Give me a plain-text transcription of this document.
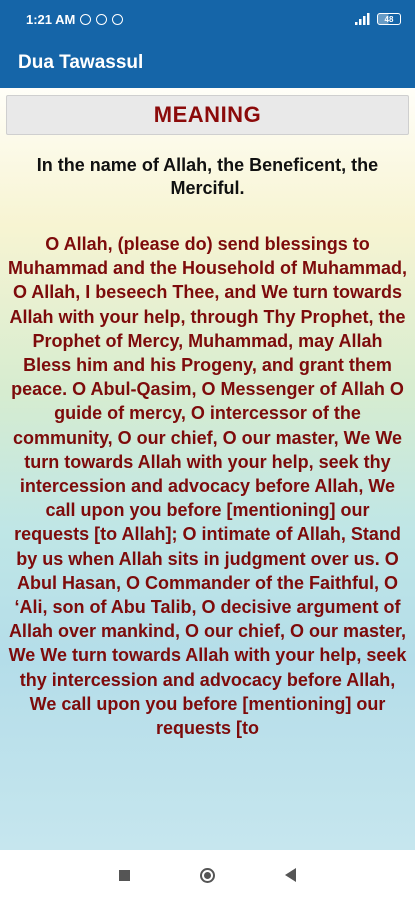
1:21 AM	48
Dua Tawassul
MEANING
In the name of Allah, the Beneficent, the Merciful.
O Allah, (please do) send blessings to Muhammad and the Household of Muhammad, O Allah, I beseech Thee, and We turn towards Allah with your help, through Thy Prophet, the Prophet of Mercy, Muhammad, may Allah Bless him and his Progeny, and grant them peace. O Abul-Qasim, O Messenger of Allah O guide of mercy, O intercessor of the community, O our chief, O our master, We We turn towards Allah with your help, seek thy intercession and advocacy before Allah, We call upon you before [mentioning] our requests [to Allah]; O intimate of Allah, Stand by us when Allah sits in judgment over us. O Abul Hasan, O Commander of the Faithful, O ‘Ali, son of Abu Talib, O decisive argument of Allah over mankind, O our chief, O our master, We We turn towards Allah with your help, seek thy intercession and advocacy before Allah, We call upon you before [mentioning] our requests [to
